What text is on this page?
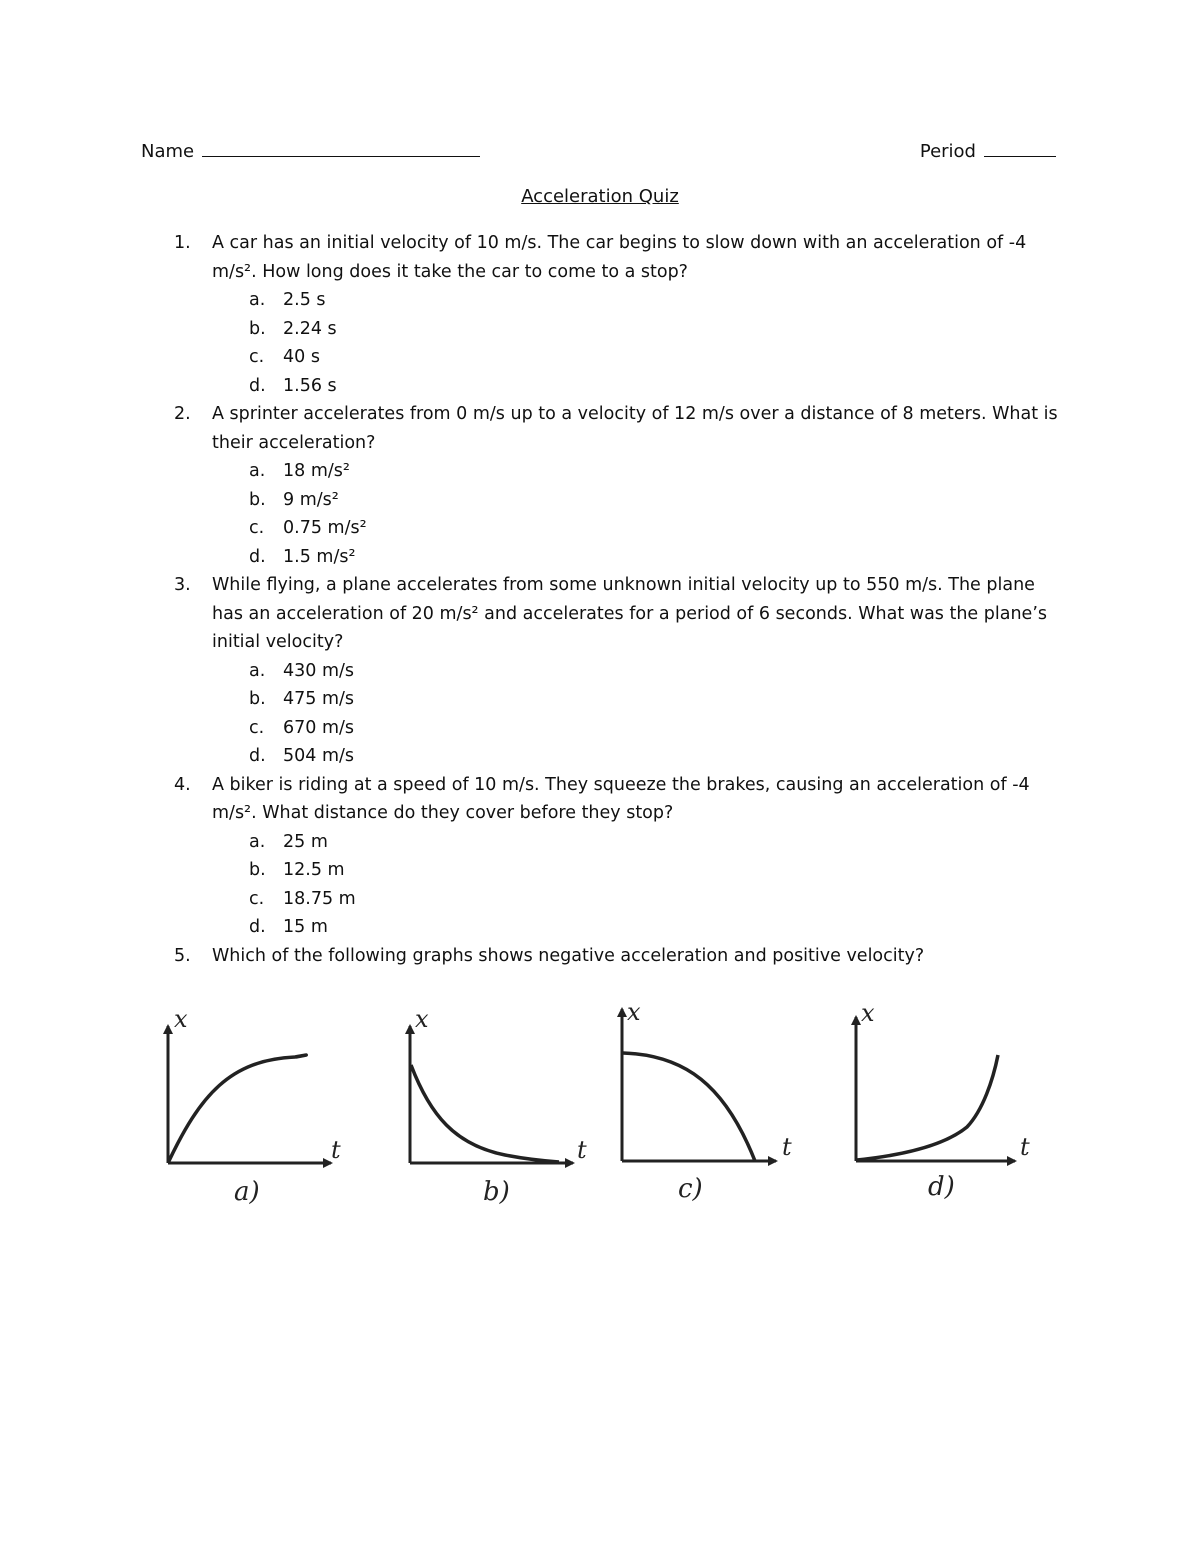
Name	Period
Acceleration Quiz
1. A car has an initial velocity of 10 m/s. The car begins to slow down with an acceleration of -4 m/s². How long does it take the car to come to a stop?
a. 2.5 s
b. 2.24 s
c. 40 s
d. 1.56 s
2. A sprinter accelerates from 0 m/s up to a velocity of 12 m/s over a distance of 8 meters. What is their acceleration?
a. 18 m/s²
b. 9 m/s²
c. 0.75 m/s²
d. 1.5 m/s²
3. While flying, a plane accelerates from some unknown initial velocity up to 550 m/s. The plane has an acceleration of 20 m/s² and accelerates for a period of 6 seconds. What was the plane’s initial velocity?
a. 430 m/s
b. 475 m/s
c. 670 m/s
d. 504 m/s
4. A biker is riding at a speed of 10 m/s. They squeeze the brakes, causing an acceleration of -4 m/s². What distance do they cover before they stop?
a. 25 m
b. 12.5 m
c. 18.75 m
d. 15 m
5. Which of the following graphs shows negative acceleration and positive velocity?
x
t
a)
x
t
b)
x
t
c)
x
t
d)
